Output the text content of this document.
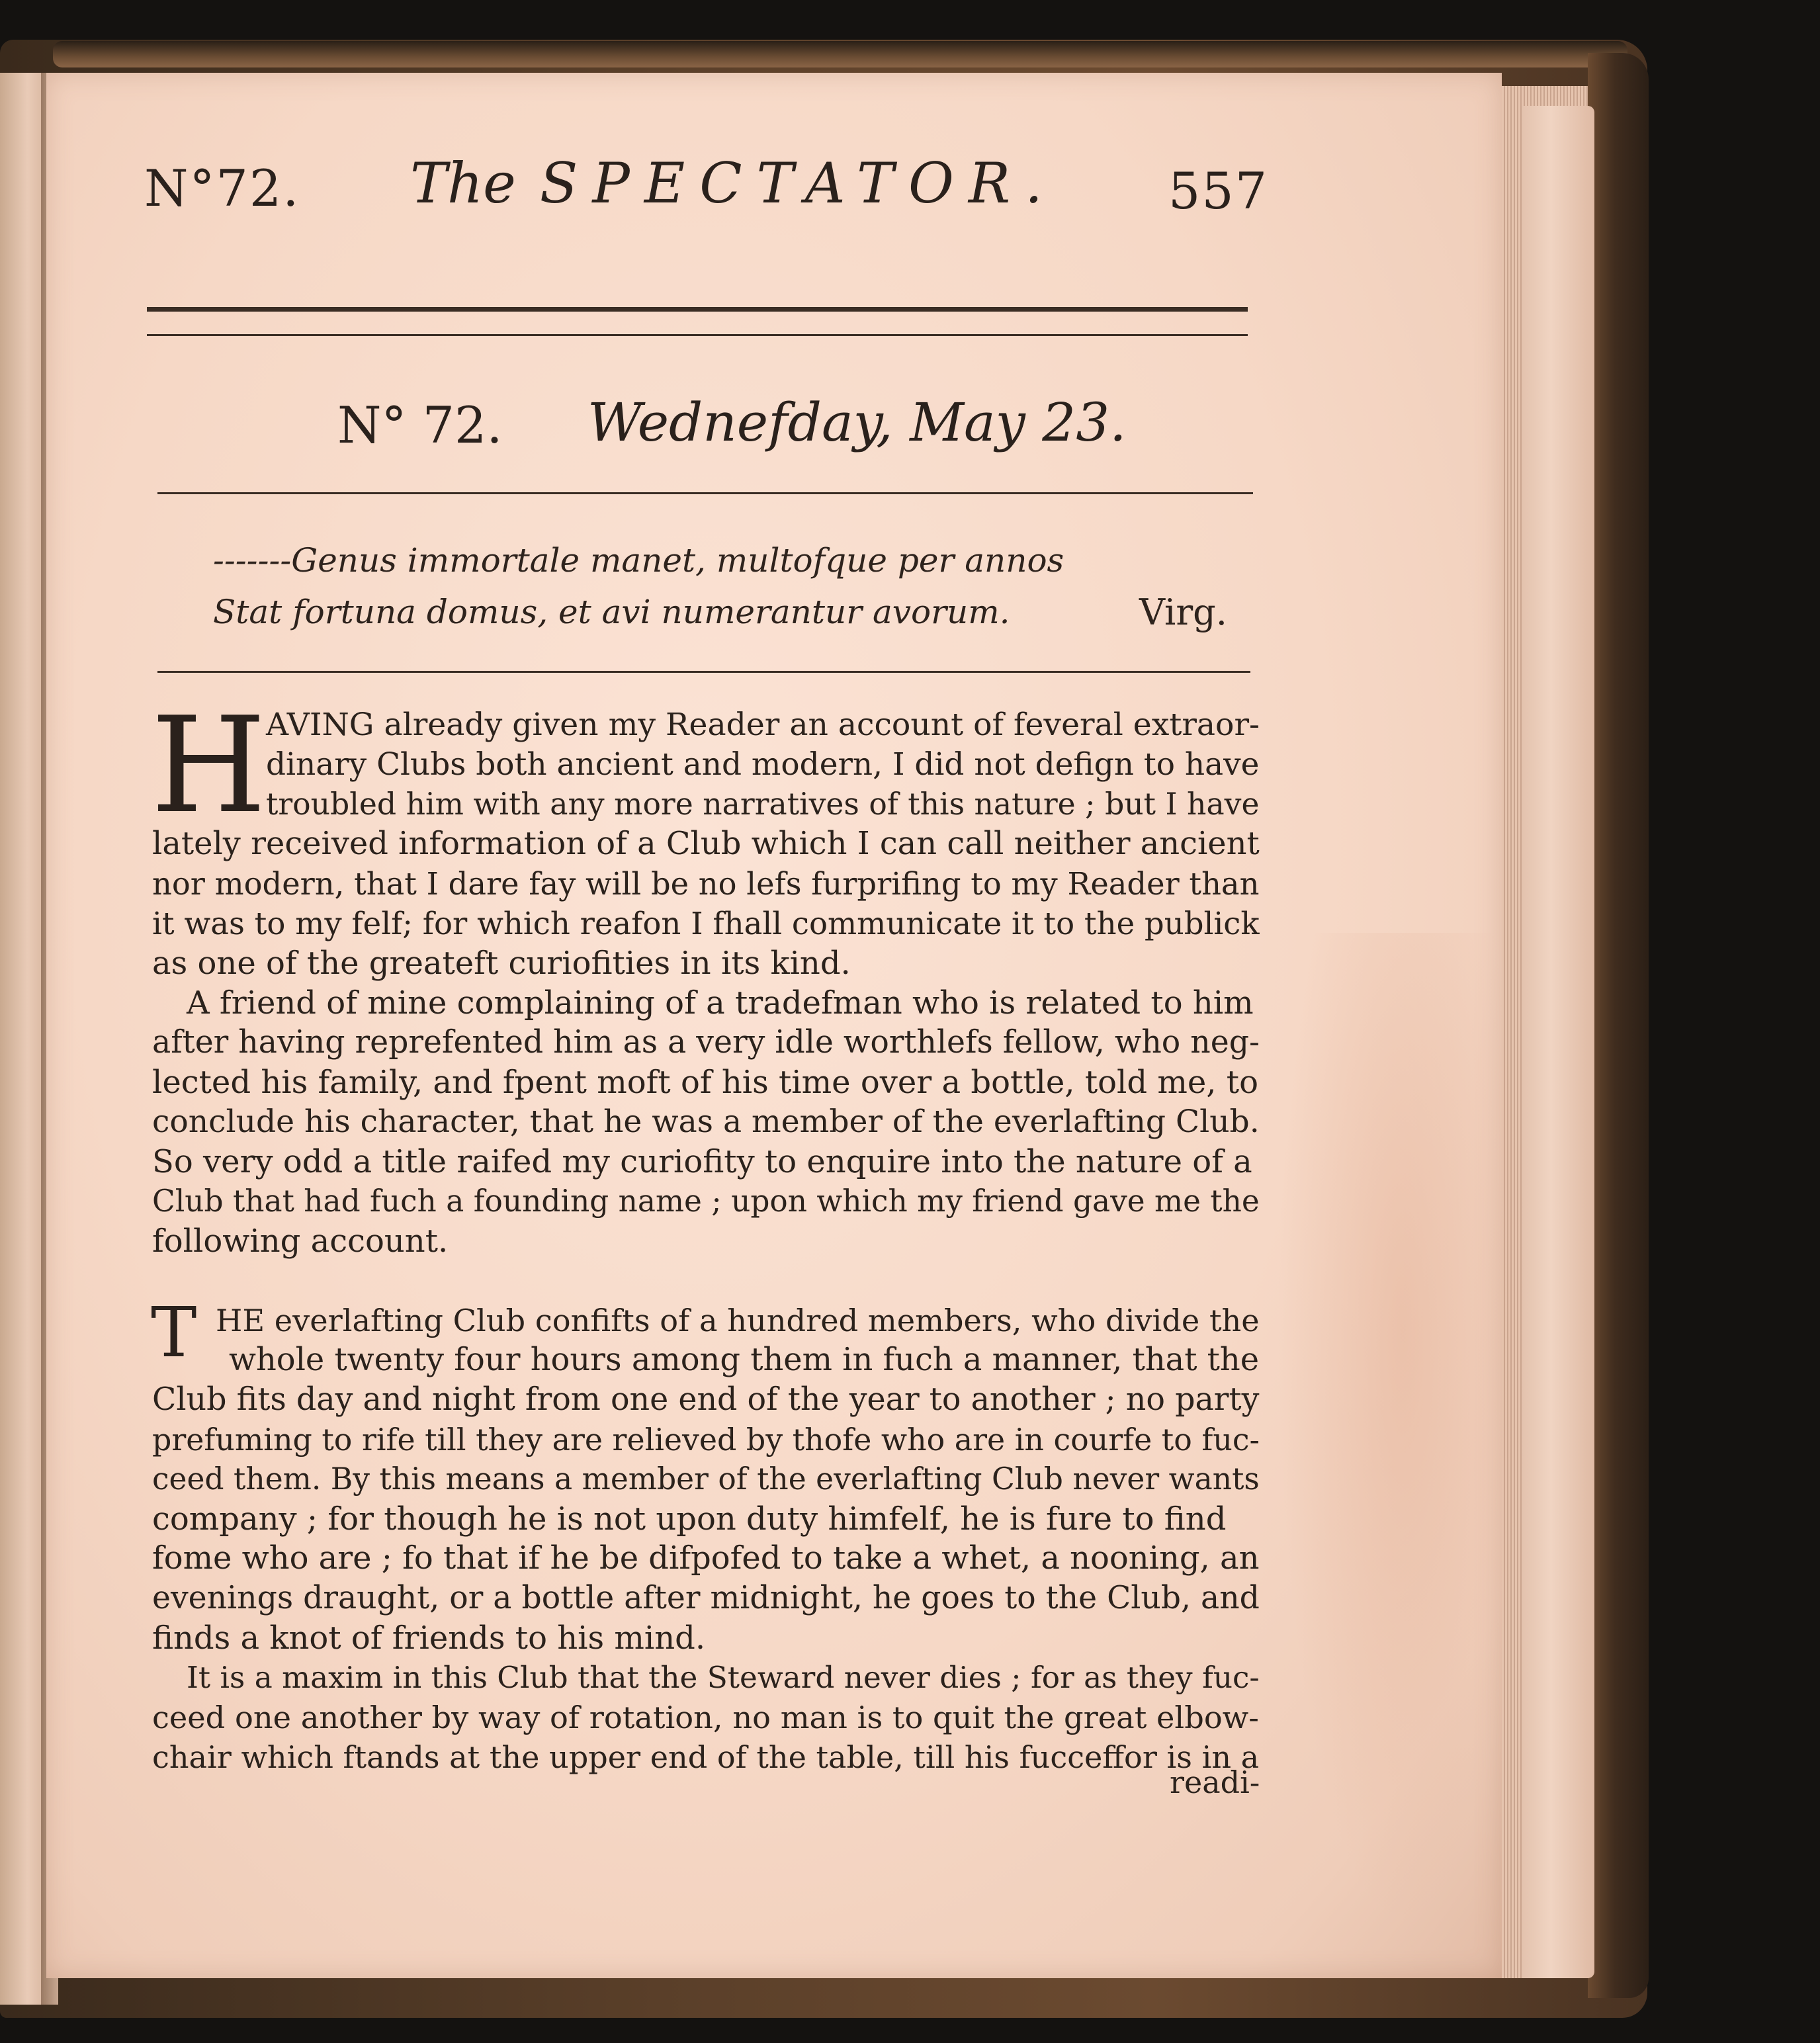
N°72. The SPECTATOR. 557
N° 72. Wednefday, May 23.
-------Genus immortale manet, multofque per annos
Stat fortuna domus, et avi numerantur avorum.	Virg.
H AVING already given my Reader an account of feveral extraor-
dinary Clubs both ancient and modern, I did not defign to have
troubled him with any more narratives of this nature ; but I have
lately received information of a Club which I can call neither ancient
nor modern, that I dare fay will be no lefs furprifing to my Reader than
it was to my felf; for which reafon I fhall communicate it to the publick
as one of the greateft curiofities in its kind.
A friend of mine complaining of a tradefman who is related to him
after having reprefented him as a very idle worthlefs fellow, who neg-
lected his family, and fpent moft of his time over a bottle, told me, to
conclude his character, that he was a member of the everlafting Club.
So very odd a title raifed my curiofity to enquire into the nature of a
Club that had fuch a founding name ; upon which my friend gave me the
following account.
T HE everlafting Club confifts of a hundred members, who divide the
whole twenty four hours among them in fuch a manner, that the
Club fits day and night from one end of the year to another ; no party
prefuming to rife till they are relieved by thofe who are in courfe to fuc-
ceed them. By this means a member of the everlafting Club never wants
company ; for though he is not upon duty himfelf, he is fure to find
fome who are ; fo that if he be difpofed to take a whet, a nooning, an
evenings draught, or a bottle after midnight, he goes to the Club, and
finds a knot of friends to his mind.
It is a maxim in this Club that the Steward never dies ; for as they fuc-
ceed one another by way of rotation, no man is to quit the great elbow-
chair which ftands at the upper end of the table, till his fucceffor is in a
readi-
